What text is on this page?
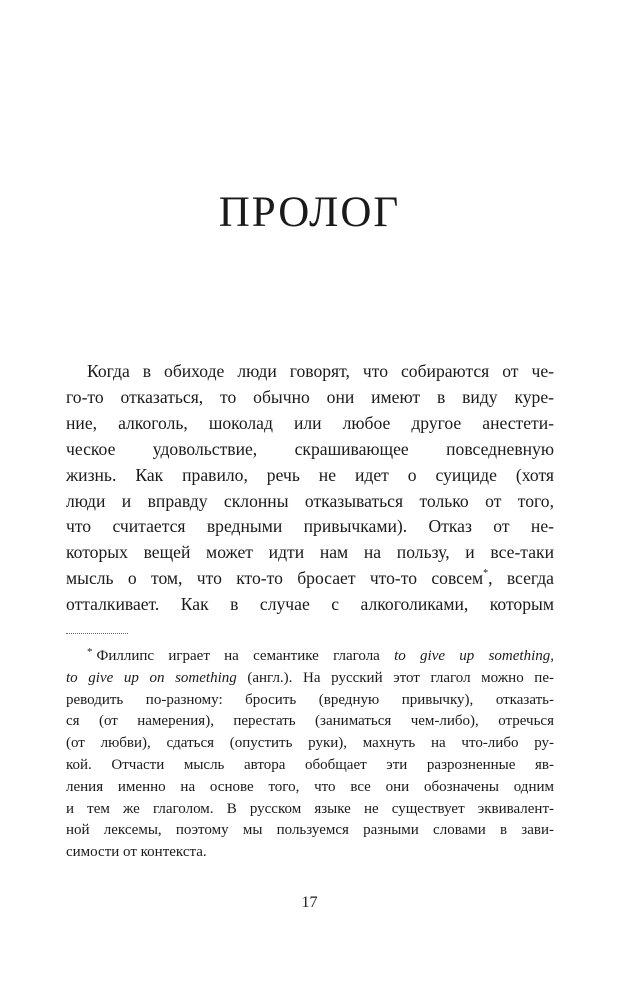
ПРОЛОГ
Когда в обиходе люди говорят, что собираются от че-
го-то отказаться, то обычно они имеют в виду куре-
ние, алкоголь, шоколад или любое другое анестети-
ческое удовольствие, скрашивающее повседневную
жизнь. Как правило, речь не идет о суициде (хотя
люди и вправду склонны отказываться только от того,
что считается вредными привычками). Отказ от не-
которых вещей может идти нам на пользу, и все-таки
мысль о том, что кто-то бросает что-то совсем*, всегда
отталкивает. Как в случае с алкоголиками, которым
* Филлипс играет на семантике глагола to give up something,
to give up on something (англ.). На русский этот глагол можно пе-
реводить по-разному: бросить (вредную привычку), отказать-
ся (от намерения), перестать (заниматься чем-либо), отречься
(от любви), сдаться (опустить руки), махнуть на что-либо ру-
кой. Отчасти мысль автора обобщает эти разрозненные яв-
ления именно на основе того, что все они обозначены одним
и тем же глаголом. В русском языке не существует эквивалент-
ной лексемы, поэтому мы пользуемся разными словами в зави-
симости от контекста.
17
